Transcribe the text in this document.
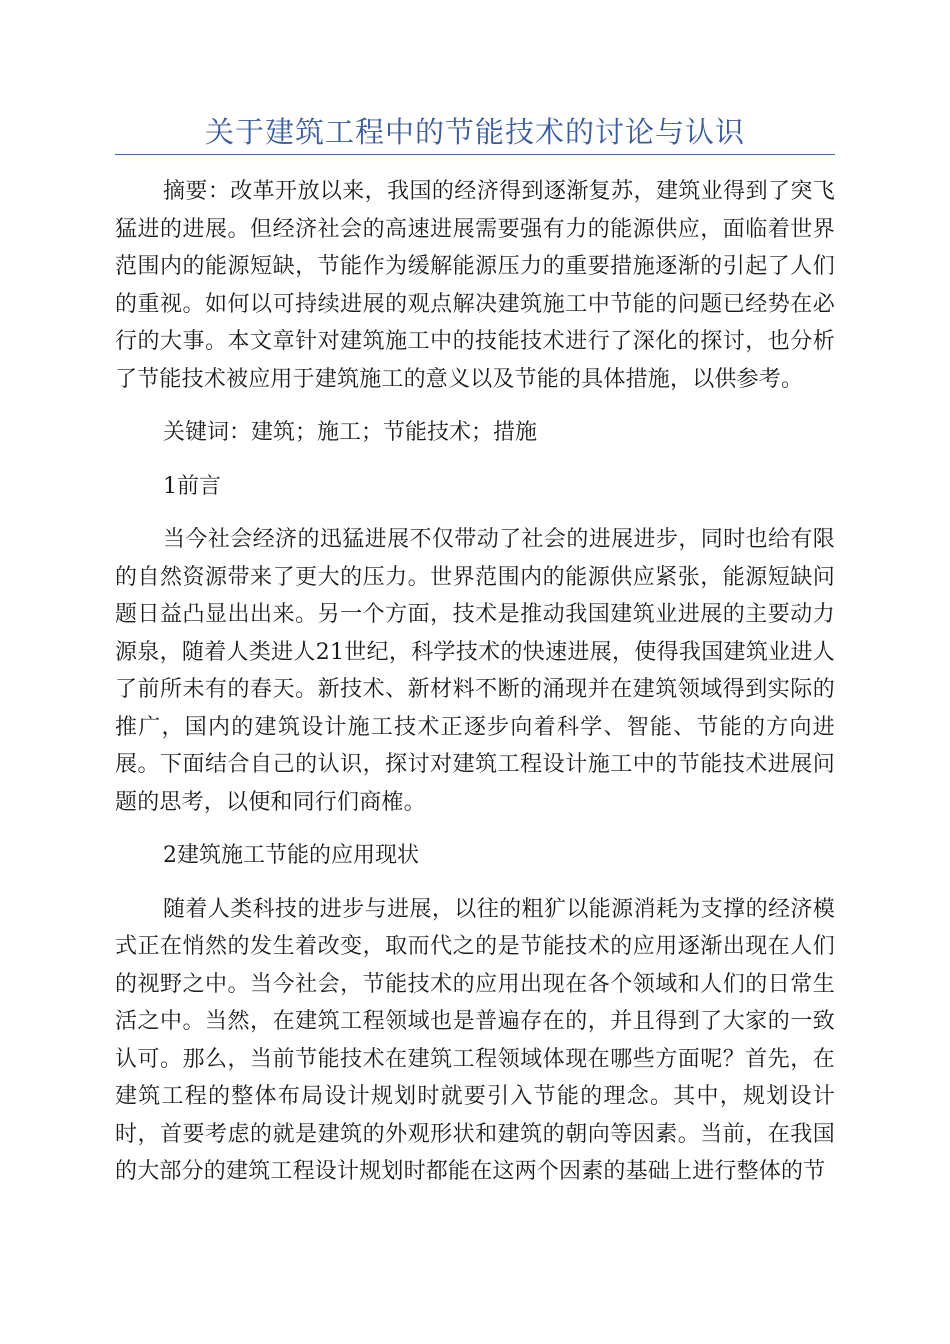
关于建筑工程中的节能技术的讨论与认识

摘要：改革开放以来，我国的经济得到逐渐复苏，建筑业得到了突飞猛进的进展。但经济社会的高速进展需要强有力的能源供应，面临着世界范围内的能源短缺，节能作为缓解能源压力的重要措施逐渐的引起了人们的重视。如何以可持续进展的观点解决建筑施工中节能的问题已经势在必行的大事。本文章针对建筑施工中的技能技术进行了深化的探讨，也分析了节能技术被应用于建筑施工的意义以及节能的具体措施，以供参考。

关键词：建筑；施工；节能技术；措施

1前言

当今社会经济的迅猛进展不仅带动了社会的进展进步，同时也给有限的自然资源带来了更大的压力。世界范围内的能源供应紧张，能源短缺问题日益凸显出出来。另一个方面，技术是推动我国建筑业进展的主要动力源泉，随着人类进人21世纪，科学技术的快速进展，使得我国建筑业进人了前所未有的春天。新技术、新材料不断的涌现并在建筑领域得到实际的推广，国内的建筑设计施工技术正逐步向着科学、智能、节能的方向进展。下面结合自己的认识，探讨对建筑工程设计施工中的节能技术进展问题的思考，以便和同行们商榷。

2建筑施工节能的应用现状

随着人类科技的进步与进展，以往的粗犷以能源消耗为支撑的经济模式正在悄然的发生着改变，取而代之的是节能技术的应用逐渐出现在人们的视野之中。当今社会，节能技术的应用出现在各个领域和人们的日常生活之中。当然，在建筑工程领域也是普遍存在的，并且得到了大家的一致认可。那么，当前节能技术在建筑工程领域体现在哪些方面呢？首先，在建筑工程的整体布局设计规划时就要引入节能的理念。其中，规划设计时，首要考虑的就是建筑的外观形状和建筑的朝向等因素。当前，在我国的大部分的建筑工程设计规划时都能在这两个因素的基础上进行整体的节
